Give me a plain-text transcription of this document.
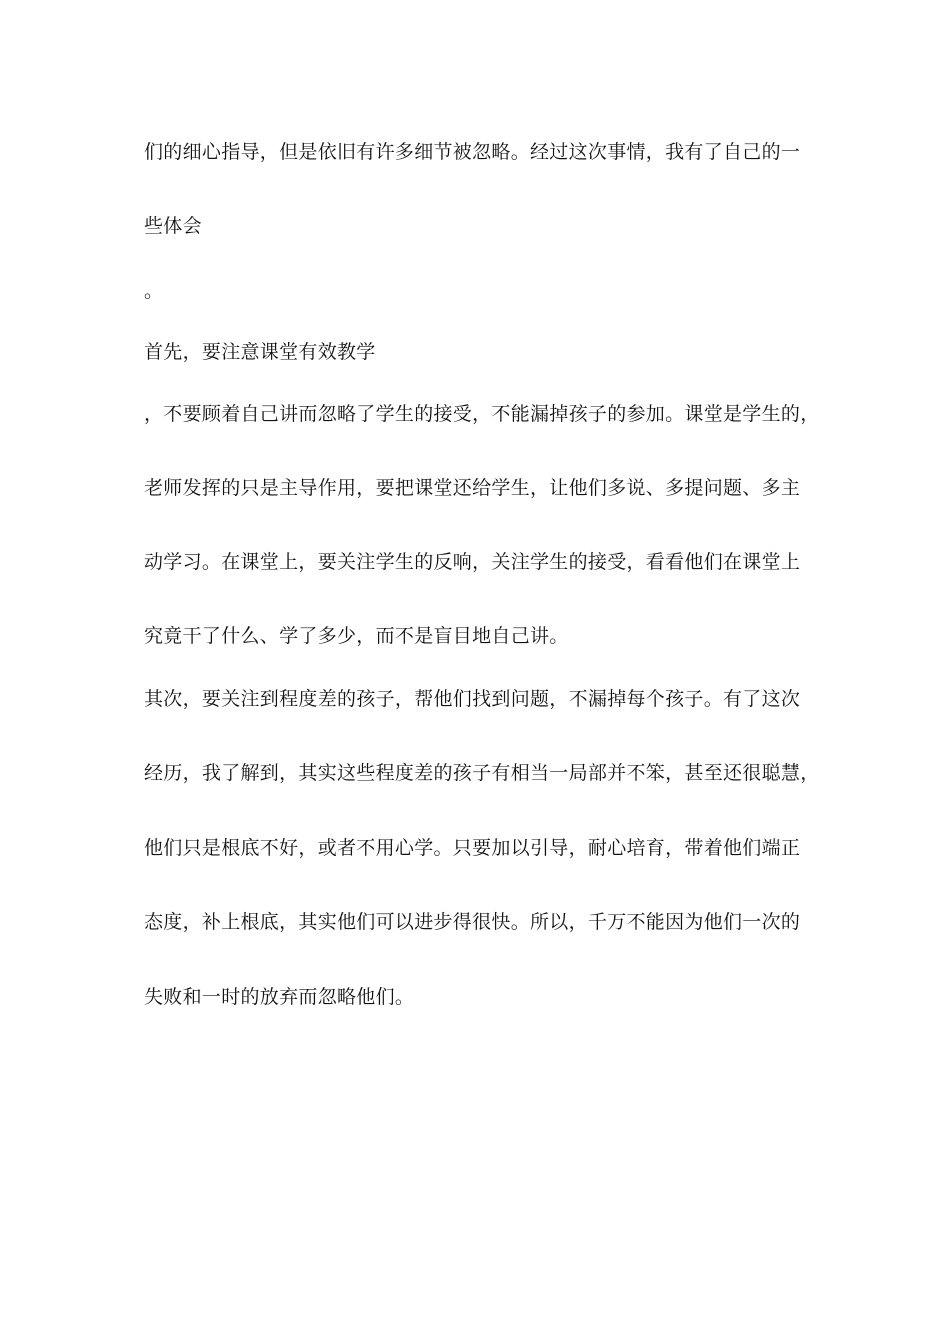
们的细心指导，但是依旧有许多细节被忽略。经过这次事情，我有了自己的一
些体会
。
首先，要注意课堂有效教学
，不要顾着自己讲而忽略了学生的接受，不能漏掉孩子的参加。课堂是学生的，
老师发挥的只是主导作用，要把课堂还给学生，让他们多说、多提问题、多主
动学习。在课堂上，要关注学生的反响，关注学生的接受，看看他们在课堂上
究竟干了什么、学了多少，而不是盲目地自己讲。
其次，要关注到程度差的孩子，帮他们找到问题，不漏掉每个孩子。有了这次
经历，我了解到，其实这些程度差的孩子有相当一局部并不笨，甚至还很聪慧，
他们只是根底不好，或者不用心学。只要加以引导，耐心培育，带着他们端正
态度，补上根底，其实他们可以进步得很快。所以，千万不能因为他们一次的
失败和一时的放弃而忽略他们。
